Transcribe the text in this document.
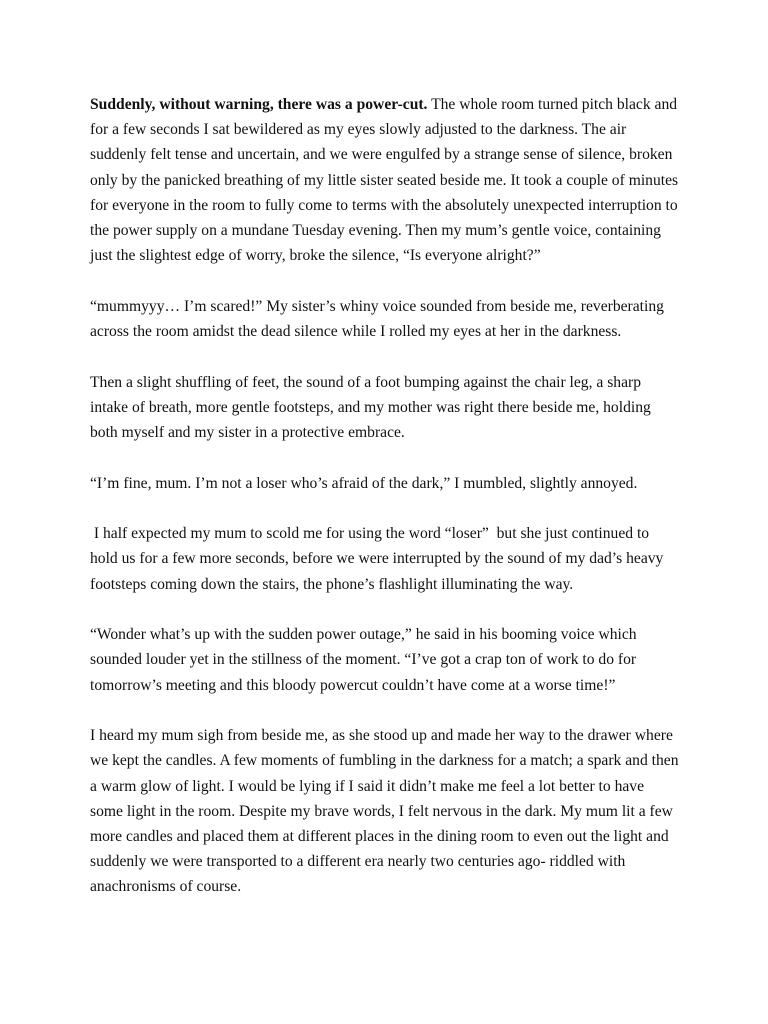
Suddenly, without warning, there was a power-cut. The whole room turned pitch black and for a few seconds I sat bewildered as my eyes slowly adjusted to the darkness. The air suddenly felt tense and uncertain, and we were engulfed by a strange sense of silence, broken only by the panicked breathing of my little sister seated beside me. It took a couple of minutes for everyone in the room to fully come to terms with the absolutely unexpected interruption to the power supply on a mundane Tuesday evening. Then my mum’s gentle voice, containing just the slightest edge of worry, broke the silence, “Is everyone alright?”

“mummyyy… I’m scared!” My sister’s whiny voice sounded from beside me, reverberating across the room amidst the dead silence while I rolled my eyes at her in the darkness.

Then a slight shuffling of feet, the sound of a foot bumping against the chair leg, a sharp intake of breath, more gentle footsteps, and my mother was right there beside me, holding both myself and my sister in a protective embrace.

“I’m fine, mum. I’m not a loser who’s afraid of the dark,” I mumbled, slightly annoyed.

I half expected my mum to scold me for using the word “loser”  but she just continued to hold us for a few more seconds, before we were interrupted by the sound of my dad’s heavy footsteps coming down the stairs, the phone’s flashlight illuminating the way.

“Wonder what’s up with the sudden power outage,” he said in his booming voice which sounded louder yet in the stillness of the moment. “I’ve got a crap ton of work to do for tomorrow’s meeting and this bloody powercut couldn’t have come at a worse time!”

I heard my mum sigh from beside me, as she stood up and made her way to the drawer where we kept the candles. A few moments of fumbling in the darkness for a match; a spark and then a warm glow of light. I would be lying if I said it didn’t make me feel a lot better to have some light in the room. Despite my brave words, I felt nervous in the dark. My mum lit a few more candles and placed them at different places in the dining room to even out the light and suddenly we were transported to a different era nearly two centuries ago- riddled with anachronisms of course.
